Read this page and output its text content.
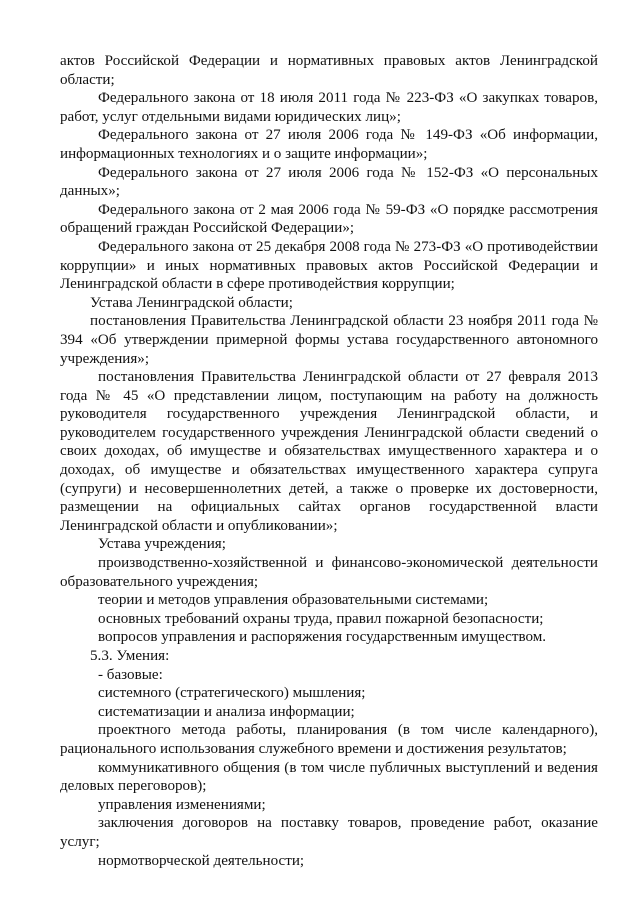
актов Российской Федерации и нормативных правовых актов Ленинградской области;

Федерального закона от 18 июля 2011 года № 223-ФЗ «О закупках товаров, работ, услуг отдельными видами юридических лиц»;

Федерального закона от 27 июля 2006 года № 149-ФЗ «Об информации, информационных технологиях и о защите информации»;

Федерального закона от 27 июля 2006 года № 152-ФЗ «О персональных данных»;

Федерального закона от 2 мая 2006 года № 59-ФЗ «О порядке рассмотрения обращений граждан Российской Федерации»;

Федерального закона от 25 декабря 2008 года № 273-ФЗ «О противодействии коррупции» и иных нормативных правовых актов Российской Федерации и Ленинградской области в сфере противодействия коррупции;

Устава Ленинградской области;

постановления Правительства Ленинградской области 23 ноября 2011 года № 394 «Об утверждении примерной формы устава государственного автономного учреждения»;

постановления Правительства Ленинградской области от 27 февраля 2013 года № 45 «О представлении лицом, поступающим на работу на должность руководителя государственного учреждения Ленинградской области, и руководителем государственного учреждения Ленинградской области сведений о своих доходах, об имуществе и обязательствах имущественного характера и о доходах, об имуществе и обязательствах имущественного характера супруга (супруги) и несовершеннолетних детей, а также о проверке их достоверности, размещении на официальных сайтах органов государственной власти Ленинградской области и опубликовании»;

Устава учреждения;

производственно-хозяйственной и финансово-экономической деятельности образовательного учреждения;

теории и методов управления образовательными системами;

основных требований охраны труда, правил пожарной безопасности;

вопросов управления и распоряжения государственным имуществом.

5.3. Умения:

- базовые:

системного (стратегического) мышления;

систематизации и анализа информации;

проектного метода работы, планирования (в том числе календарного), рационального использования служебного времени и достижения результатов;

коммуникативного общения (в том числе публичных выступлений и ведения деловых переговоров);

управления изменениями;

заключения договоров на поставку товаров, проведение работ, оказание услуг;

нормотворческой деятельности;
